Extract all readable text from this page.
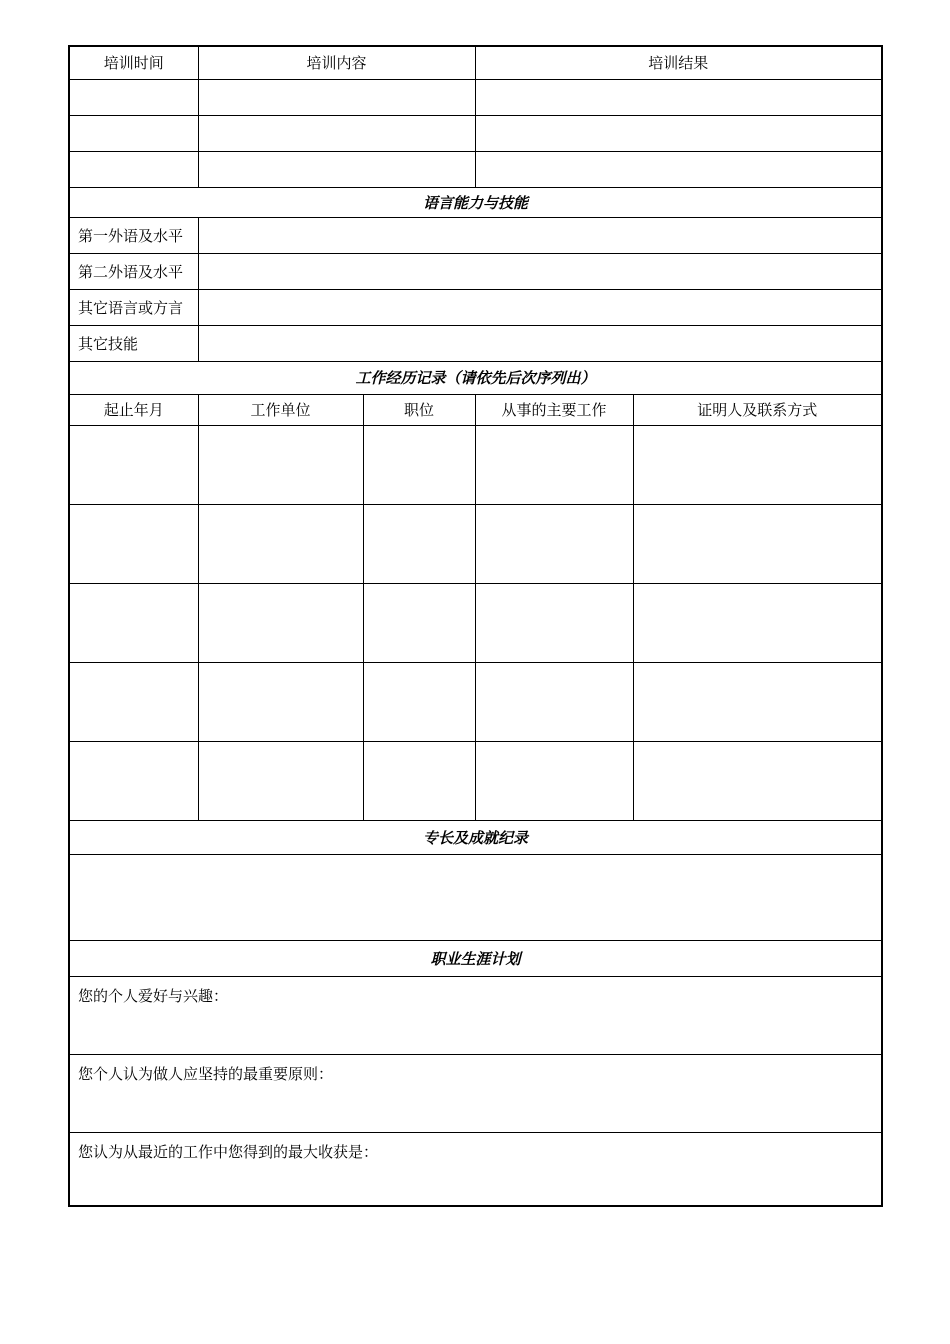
培训时间	培训内容		培训结果	

语言能力与技能				
第一外语及水平				
第二外语及水平				
其它语言或方言				
其它技能				
工作经历记录（请依先后次序列出）				
起止年月	工作单位	职位	从事的主要工作	证明人及联系方式

专长及成就纪录				

职业生涯计划				
您的个人爱好与兴趣：				

您个人认为做人应坚持的最重要原则：				

您认为从最近的工作中您得到的最大收获是：				
